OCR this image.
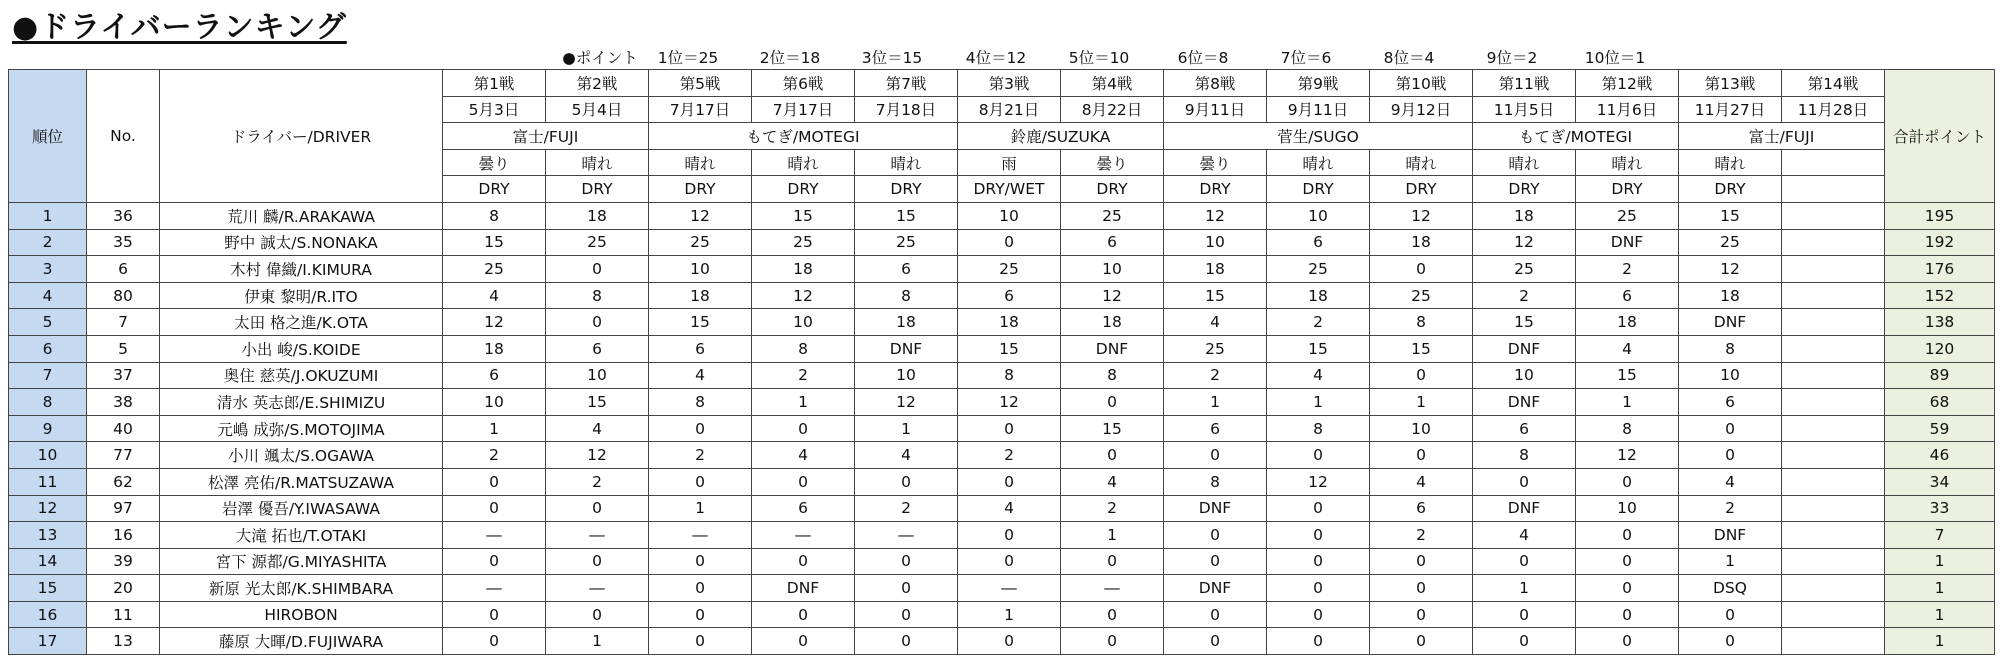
●ドライバーランキング
●ポイント 1位＝25	2位＝18	3位＝15	4位＝12	5位＝10	6位＝8	7位＝6	8位＝4	9位＝2	10位＝1
順位	No.	ドライバー/DRIVER	第1戦	第2戦	第5戦	第6戦	第7戦	第3戦	第4戦	第8戦	第9戦	第10戦	第11戦	第12戦	第13戦	第14戦	合計ポイント
			5月3日	5月4日	7月17日	7月17日	7月18日	8月21日	8月22日	9月11日	9月11日	9月12日	11月5日	11月6日	11月27日	11月28日	
			富士/FUJI		もてぎ/MOTEGI			鈴鹿/SUZUKA		菅生/SUGO			もてぎ/MOTEGI		富士/FUJI		
			曇り	晴れ	晴れ	晴れ	晴れ	雨	曇り	曇り	晴れ	晴れ	晴れ	晴れ	晴れ		
			DRY	DRY	DRY	DRY	DRY	DRY/WET	DRY	DRY	DRY	DRY	DRY	DRY	DRY		
1	36	荒川 麟/R.ARAKAWA	8	18	12	15	15	10	25	12	10	12	18	25	15		195
2	35	野中 誠太/S.NONAKA	15	25	25	25	25	0	6	10	6	18	12	DNF	25		192
3	6	木村 偉織/I.KIMURA	25	0	10	18	6	25	10	18	25	0	25	2	12		176
4	80	伊東 黎明/R.ITO	4	8	18	12	8	6	12	15	18	25	2	6	18		152
5	7	太田 格之進/K.OTA	12	0	15	10	18	18	18	4	2	8	15	18	DNF		138
6	5	小出 峻/S.KOIDE	18	6	6	8	DNF	15	DNF	25	15	15	DNF	4	8		120
7	37	奥住 慈英/J.OKUZUMI	6	10	4	2	10	8	8	2	4	0	10	15	10		89
8	38	清水 英志郎/E.SHIMIZU	10	15	8	1	12	12	0	1	1	1	DNF	1	6		68
9	40	元嶋 成弥/S.MOTOJIMA	1	4	0	0	1	0	15	6	8	10	6	8	0		59
10	77	小川 颯太/S.OGAWA	2	12	2	4	4	2	0	0	0	0	8	12	0		46
11	62	松澤 亮佑/R.MATSUZAWA	0	2	0	0	0	0	4	8	12	4	0	0	4		34
12	97	岩澤 優吾/Y.IWASAWA	0	0	1	6	2	4	2	DNF	0	6	DNF	10	2		33
13	16	大滝 拓也/T.OTAKI	―	―	―	―	―	0	1	0	0	2	4	0	DNF		7
14	39	宮下 源都/G.MIYASHITA	0	0	0	0	0	0	0	0	0	0	0	0	1		1
15	20	新原 光太郎/K.SHIMBARA	―	―	0	DNF	0	―	―	DNF	0	0	1	0	DSQ		1
16	11	HIROBON	0	0	0	0	0	1	0	0	0	0	0	0	0		1
17	13	藤原 大暉/D.FUJIWARA	0	1	0	0	0	0	0	0	0	0	0	0	0		1
